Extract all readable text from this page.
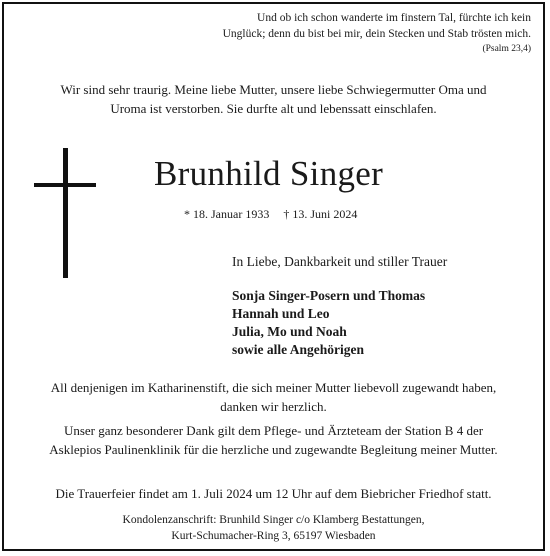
Und ob ich schon wanderte im finstern Tal, fürchte ich kein
Unglück; denn du bist bei mir, dein Stecken und Stab trösten mich.
(Psalm 23,4)
Wir sind sehr traurig. Meine liebe Mutter, unsere liebe Schwiegermutter Oma und
Uroma ist verstorben. Sie durfte alt und lebenssatt einschlafen.
Brunhild Singer
* 18. Januar 1933 † 13. Juni 2024
In Liebe, Dankbarkeit und stiller Trauer
Sonja Singer-Posern und Thomas
Hannah und Leo
Julia, Mo und Noah
sowie alle Angehörigen
All denjenigen im Katharinenstift, die sich meiner Mutter liebevoll zugewandt haben,
danken wir herzlich.
Unser ganz besonderer Dank gilt dem Pflege- und Ärzteteam der Station B 4 der
Asklepios Paulinenklinik für die herzliche und zugewandte Begleitung meiner Mutter.
Die Trauerfeier findet am 1. Juli 2024 um 12 Uhr auf dem Biebricher Friedhof statt.
Kondolenzanschrift: Brunhild Singer c/o Klamberg Bestattungen,
Kurt-Schumacher-Ring 3, 65197 Wiesbaden
